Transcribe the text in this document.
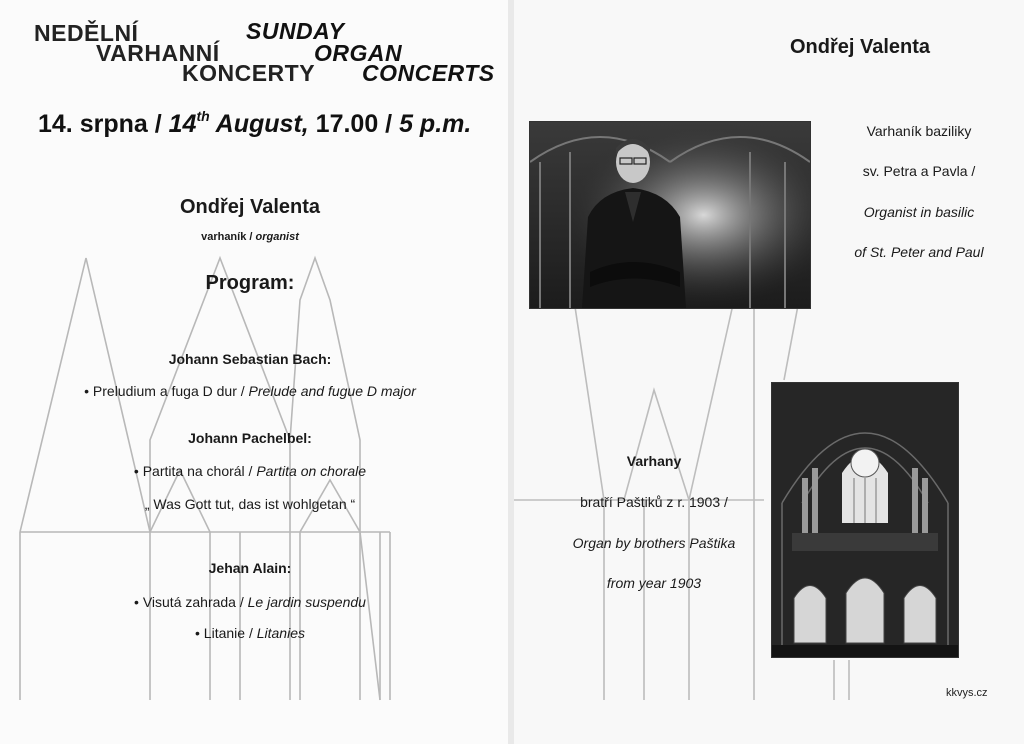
NEDĚLNÍ
VARHANNÍ
KONCERTY
SUNDAY
ORGAN
CONCERTS
14. srpna / 14th August, 17.00 / 5 p.m.
Ondřej Valenta
varhaník / organist
Program:
Johann Sebastian Bach:
• Preludium a fuga D dur / Prelude and fugue D major
Johann Pachelbel:
• Partita na chorál / Partita on chorale
„ Was Gott tut, das ist wohlgetan “
Jehan Alain:
• Visutá zahrada / Le jardin suspendu
• Litanie / Litanies
Ondřej Valenta
Varhaník baziliky
sv. Petra a Pavla /
Organist in basilic
of St. Peter and Paul
Varhany
bratří Paštiků z r. 1903 /
Organ by brothers Paštika
from year 1903
kkvys.cz
